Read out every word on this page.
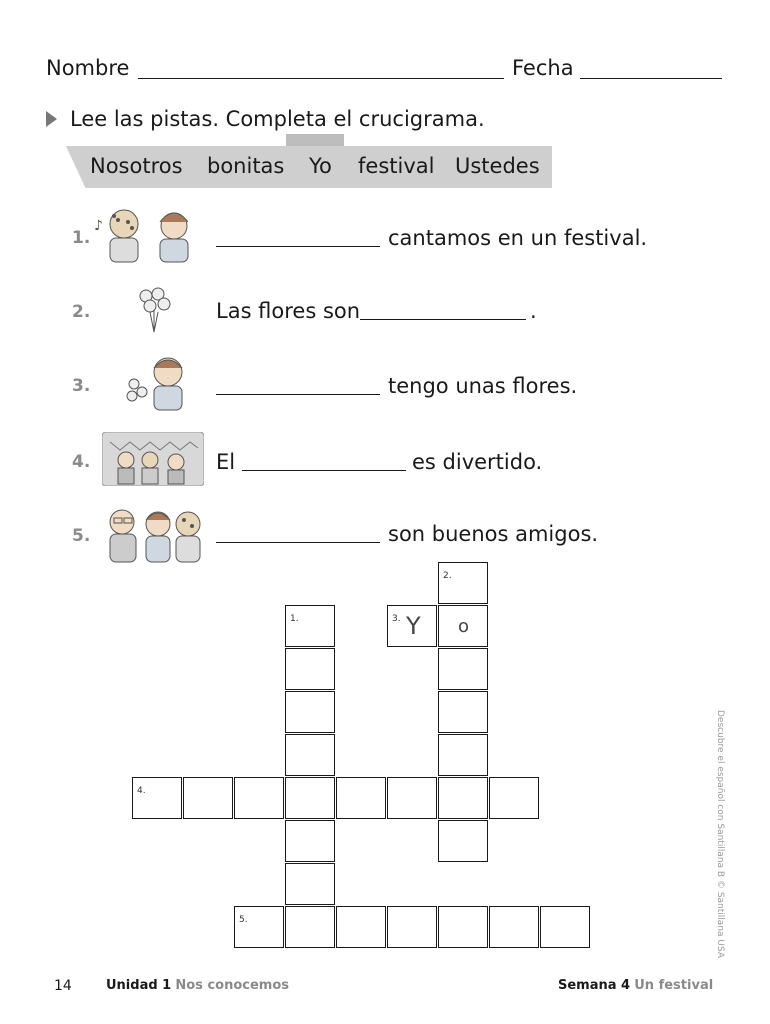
Nombre	Fecha
Lee las pistas. Completa el crucigrama.
Nosotros bonitas Yo festival Ustedes
1.
♪	cantamos en un festival.
2.	Las flores son	.
3.	tengo unas flores.
4.	El	es divertido.
5.	son buenos amigos.
2.
1.	3. Y o
4.
5.	Descubre el español con Santillana B © Santillana USA
14	Unidad 1 Nos conocemos	Semana 4 Un festival
